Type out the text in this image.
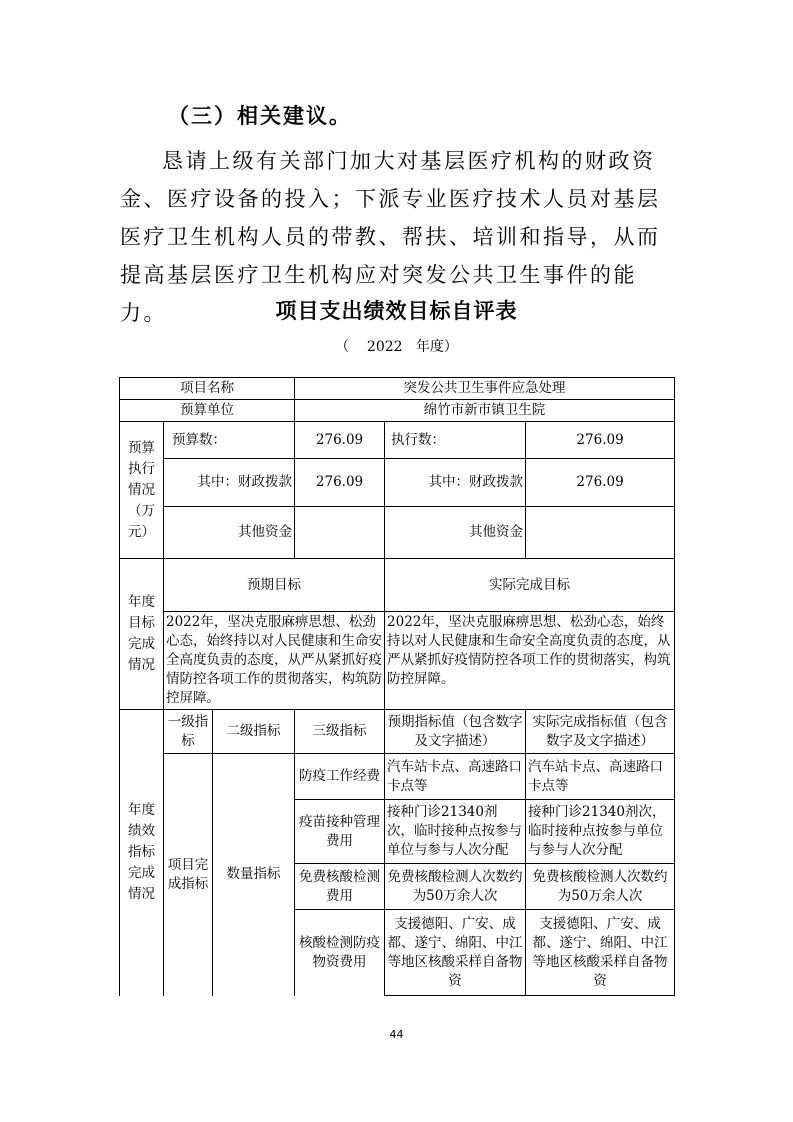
（三）相关建议。
恳请上级有关部门加大对基层医疗机构的财政资金、医疗设备的投入；下派专业医疗技术人员对基层医疗卫生机构人员的带教、帮扶、培训和指导，从而提高基层医疗卫生机构应对突发公共卫生事件的能力。	项目支出绩效目标自评表
（ 2022 年度）
项目名称			突发公共卫生事件应急处理		
预算单位			绵竹市新市镇卫生院		
预算执行情况（万元）	预算数：		276.09	执行数：	276.09
	其中：财政拨款		276.09	其中：财政拨款	276.09
	其他资金			其他资金	
年度目标完成情况	预期目标			实际完成目标	
	2022年，坚决克服麻痹思想、松劲心态，始终持以对人民健康和生命安全高度负责的态度，从严从紧抓好疫情防控各项工作的贯彻落实，构筑防控屏障。			2022年，坚决克服麻痹思想、松劲心态，始终持以对人民健康和生命安全高度负责的态度，从严从紧抓好疫情防控各项工作的贯彻落实，构筑防控屏障。	
年度绩效指标完成情况	一级指标	二级指标	三级指标	预期指标值（包含数字及文字描述）	实际完成指标值（包含数字及文字描述）
	项目完成指标	数量指标	防疫工作经费	汽车站卡点、高速路口卡点等	汽车站卡点、高速路口卡点等
			疫苗接种管理费用	接种门诊21340剂次，临时接种点按参与单位与参与人次分配	接种门诊21340剂次，临时接种点按参与单位与参与人次分配
			免费核酸检测费用	免费核酸检测人次数约为50万余人次	免费核酸检测人次数约为50万余人次
			核酸检测防疫物资费用	支援德阳、广安、成都、遂宁、绵阳、中江等地区核酸采样自备物资	支援德阳、广安、成都、遂宁、绵阳、中江等地区核酸采样自备物资
44
